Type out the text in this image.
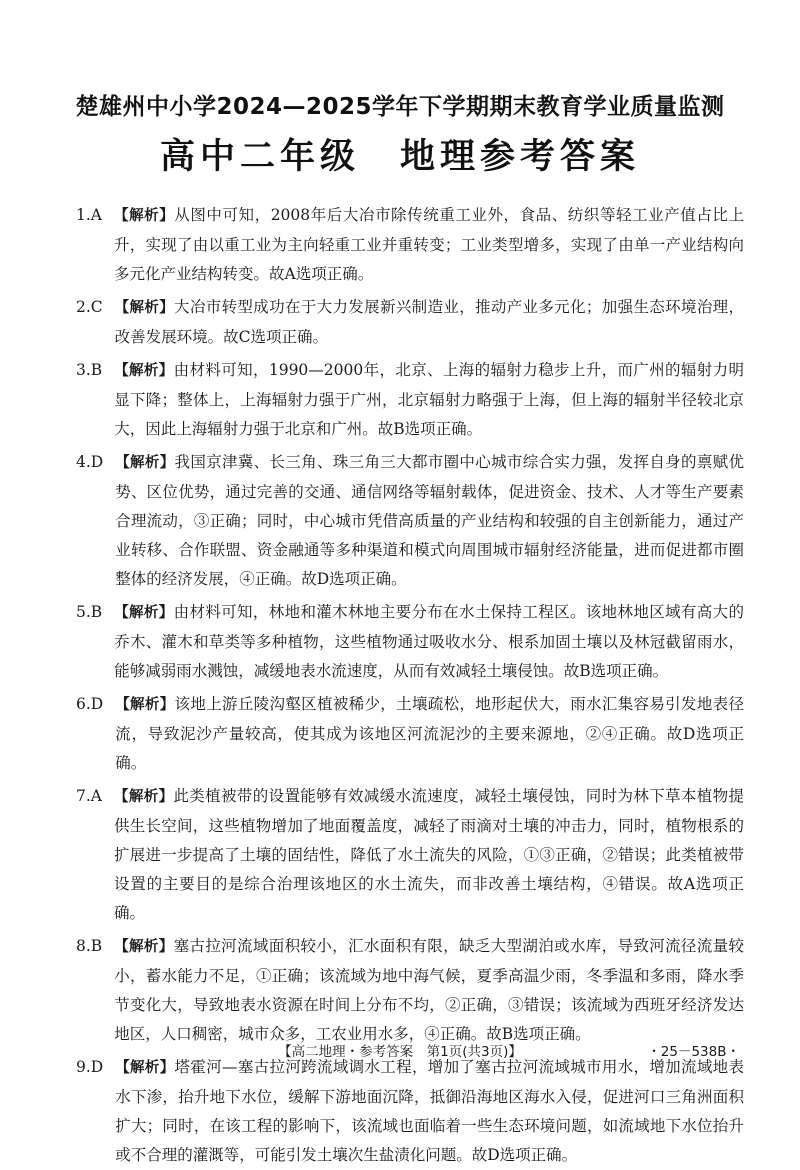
楚雄州中小学2024—2025学年下学期期末教育学业质量监测
高中二年级　地理参考答案
1.A 【解析】从图中可知，2008年后大冶市除传统重工业外，食品、纺织等轻工业产值占比上升，实现了由以重工业为主向轻重工业并重转变；工业类型增多，实现了由单一产业结构向多元化产业结构转变。故A选项正确。
2.C 【解析】大冶市转型成功在于大力发展新兴制造业，推动产业多元化；加强生态环境治理，改善发展环境。故C选项正确。
3.B 【解析】由材料可知，1990—2000年，北京、上海的辐射力稳步上升，而广州的辐射力明显下降；整体上，上海辐射力强于广州，北京辐射力略强于上海，但上海的辐射半径较北京大，因此上海辐射力强于北京和广州。故B选项正确。
4.D 【解析】我国京津冀、长三角、珠三角三大都市圈中心城市综合实力强，发挥自身的禀赋优势、区位优势，通过完善的交通、通信网络等辐射载体，促进资金、技术、人才等生产要素合理流动，③正确；同时，中心城市凭借高质量的产业结构和较强的自主创新能力，通过产业转移、合作联盟、资金融通等多种渠道和模式向周围城市辐射经济能量，进而促进都市圈整体的经济发展，④正确。故D选项正确。
5.B 【解析】由材料可知，林地和灌木林地主要分布在水土保持工程区。该地林地区域有高大的乔木、灌木和草类等多种植物，这些植物通过吸收水分、根系加固土壤以及林冠截留雨水，能够减弱雨水溅蚀，减缓地表水流速度，从而有效减轻土壤侵蚀。故B选项正确。
6.D 【解析】该地上游丘陵沟壑区植被稀少，土壤疏松，地形起伏大，雨水汇集容易引发地表径流，导致泥沙产量较高，使其成为该地区河流泥沙的主要来源地，②④正确。故D选项正确。
7.A 【解析】此类植被带的设置能够有效减缓水流速度，减轻土壤侵蚀，同时为林下草本植物提供生长空间，这些植物增加了地面覆盖度，减轻了雨滴对土壤的冲击力，同时，植物根系的扩展进一步提高了土壤的固结性，降低了水土流失的风险，①③正确，②错误；此类植被带设置的主要目的是综合治理该地区的水土流失，而非改善土壤结构，④错误。故A选项正确。
8.B 【解析】塞古拉河流域面积较小，汇水面积有限，缺乏大型湖泊或水库，导致河流径流量较小，蓄水能力不足，①正确；该流域为地中海气候，夏季高温少雨，冬季温和多雨，降水季节变化大，导致地表水资源在时间上分布不均，②正确，③错误；该流域为西班牙经济发达地区，人口稠密，城市众多，工农业用水多，④正确。故B选项正确。
9.D 【解析】塔霍河—塞古拉河跨流域调水工程，增加了塞古拉河流域城市用水，增加流域地表水下渗，抬升地下水位，缓解下游地面沉降，抵御沿海地区海水入侵，促进河口三角洲面积扩大；同时，在该工程的影响下，该流域也面临着一些生态环境问题，如流域地下水位抬升或不合理的灌溉等，可能引发土壤次生盐渍化问题。故D选项正确。
【高二地理・参考答案　第1页(共3页)】	・25－538B・
